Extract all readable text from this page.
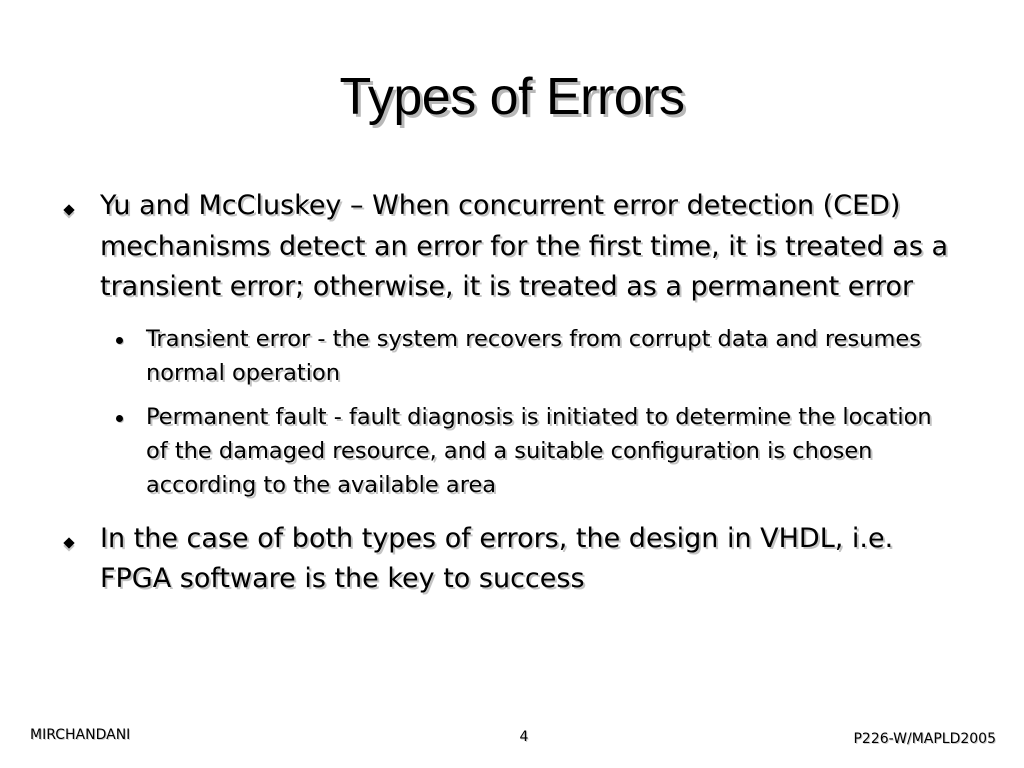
Types of Errors
Yu and McCluskey – When concurrent error detection (CED) mechanisms detect an error for the first time, it is treated as a transient error; otherwise, it is treated as a permanent error
Transient error - the system recovers from corrupt data and resumes normal operation
Permanent fault - fault diagnosis is initiated to determine the location of the damaged resource, and a suitable configuration is chosen according to the available area
In the case of both types of errors, the design in VHDL, i.e. FPGA software is the key to success
MIRCHANDANI	4	P226-W/MAPLD2005
